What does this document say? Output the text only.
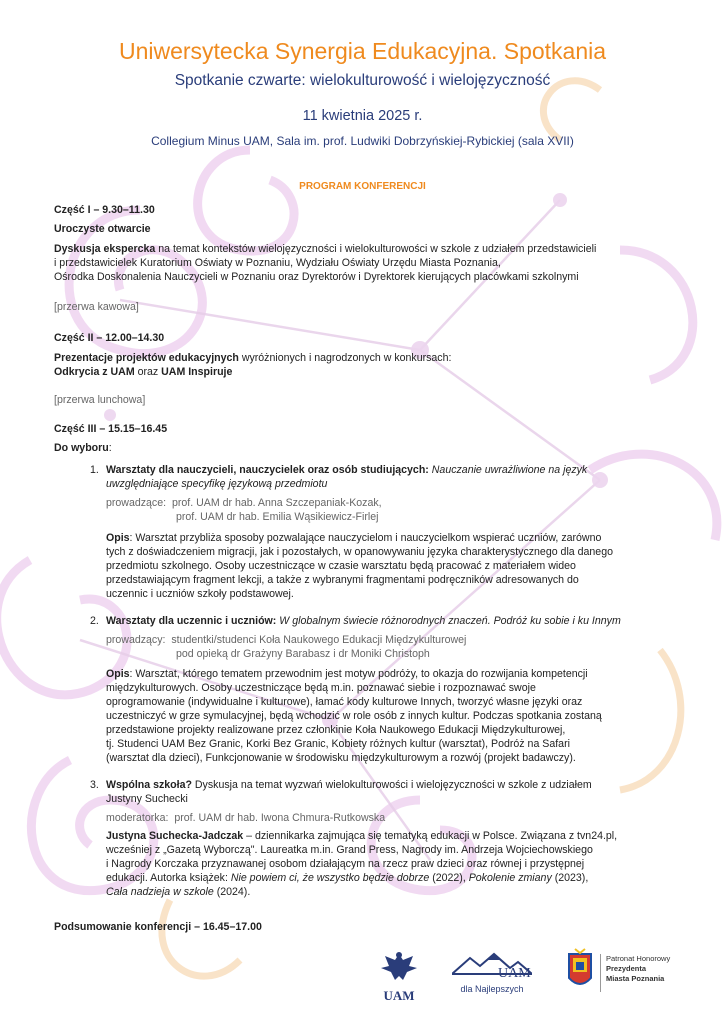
Uniwersytecka Synergia Edukacyjna. Spotkania
Spotkanie czwarte: wielokulturowość i wielojęzyczność
11 kwietnia 2025 r.
Collegium Minus UAM, Sala im. prof. Ludwiki Dobrzyńskiej-Rybickiej (sala XVII)
PROGRAM KONFERENCJI
Część I – 9.30–11.30
Uroczyste otwarcie
Dyskusja ekspercka na temat kontekstów wielojęzyczności i wielokulturowości w szkole z udziałem przedstawicieli
i przedstawicielek Kuratorium Oświaty w Poznaniu, Wydziału Oświaty Urzędu Miasta Poznania,
Ośrodka Doskonalenia Nauczycieli w Poznaniu oraz Dyrektorów i Dyrektorek kierujących placówkami szkolnymi
[przerwa kawowa]
Część II – 12.00–14.30
Prezentacje projektów edukacyjnych wyróżnionych i nagrodzonych w konkursach:
Odkrycia z UAM oraz UAM Inspiruje
[przerwa lunchowa]
Część III – 15.15–16.45
Do wyboru:
1. Warsztaty dla nauczycieli, nauczycielek oraz osób studiujących: Nauczanie uwrażliwione na język
uwzględniające specyfikę językową przedmiotu
prowadzące: prof. UAM dr hab. Anna Szczepaniak-Kozak,
prof. UAM dr hab. Emilia Wąsikiewicz-Firlej
Opis: Warsztat przybliża sposoby pozwalające nauczycielom i nauczycielkom wspierać uczniów, zarówno
tych z doświadczeniem migracji, jak i pozostałych, w opanowywaniu języka charakterystycznego dla danego
przedmiotu szkolnego. Osoby uczestniczące w czasie warsztatu będą pracować z materiałem wideo
przedstawiającym fragment lekcji, a także z wybranymi fragmentami podręczników adresowanych do
uczennic i uczniów szkoły podstawowej.
2. Warsztaty dla uczennic i uczniów: W globalnym świecie różnorodnych znaczeń. Podróż ku sobie i ku Innym
prowadzący: studentki/studenci Koła Naukowego Edukacji Międzykulturowej
pod opieką dr Grażyny Barabasz i dr Moniki Christoph
Opis: Warsztat, którego tematem przewodnim jest motyw podróży, to okazja do rozwijania kompetencji
międzykulturowych. Osoby uczestniczące będą m.in. poznawać siebie i rozpoznawać swoje
oprogramowanie (indywidualne i kulturowe), łamać kody kulturowe Innych, tworzyć własne języki oraz
uczestniczyć w grze symulacyjnej, będą wchodzić w role osób z innych kultur. Podczas spotkania zostaną
przedstawione projekty realizowane przez członkinie Koła Naukowego Edukacji Międzykulturowej,
tj. Studenci UAM Bez Granic, Korki Bez Granic, Kobiety różnych kultur (warsztat), Podróż na Safari
(warsztat dla dzieci), Funkcjonowanie w środowisku międzykulturowym a rozwój (projekt badawczy).
3. Wspólna szkoła? Dyskusja na temat wyzwań wielokulturowości i wielojęzyczności w szkole z udziałem
Justyny Suchecki
moderatorka: prof. UAM dr hab. Iwona Chmura-Rutkowska
Justyna Suchecka-Jadczak – dziennikarka zajmująca się tematyką edukacji w Polsce. Związana z tvn24.pl,
wcześniej z „Gazetą Wyborczą". Laureatka m.in. Grand Press, Nagrody im. Andrzeja Wojciechowskiego
i Nagrody Korczaka przyznawanej osobom działającym na rzecz praw dzieci oraz równej i przystępnej
edukacji. Autorka książek: Nie powiem ci, że wszystko będzie dobrze (2022), Pokolenie zmiany (2023),
Cała nadzieja w szkole (2024).
Podsumowanie konferencji – 16.45–17.00
UAM
UAM
dla Najlepszych
Patronat Honorowy
Prezydenta
Miasta Poznania
